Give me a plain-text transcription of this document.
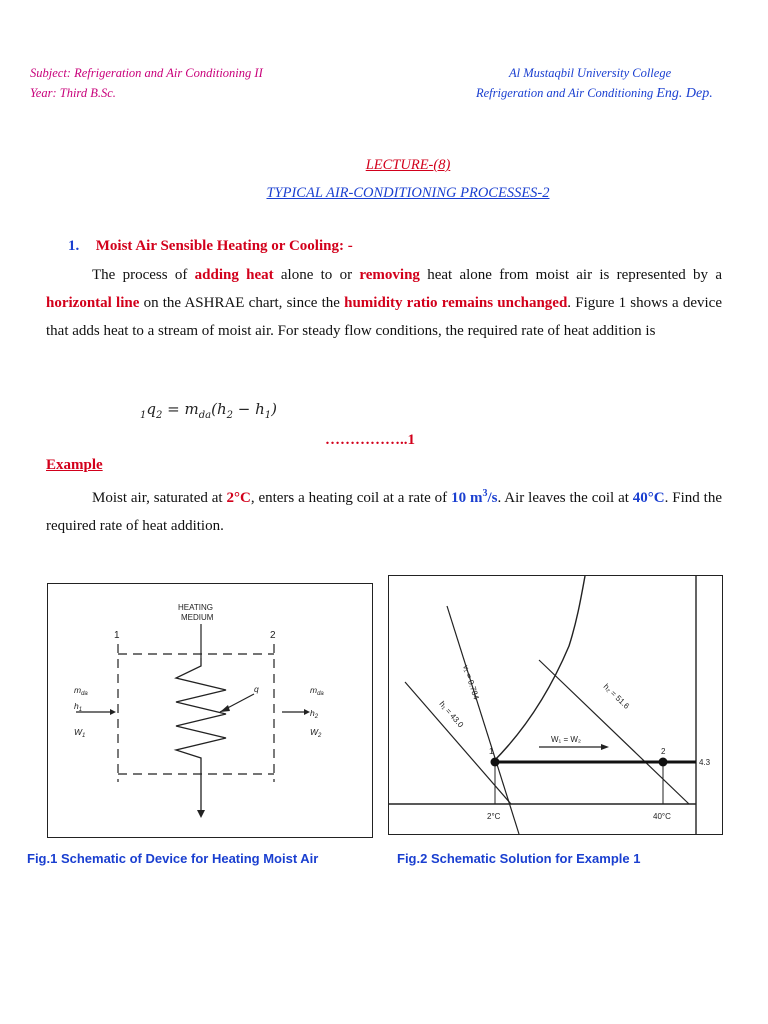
Subject: Refrigeration and Air Conditioning II
Year: Third B.Sc.
Al Mustaqbil University College
Refrigeration and Air Conditioning Eng. Dep.
LECTURE-(8)
TYPICAL AIR-CONDITIONING PROCESSES-2
1. Moist Air Sensible Heating or Cooling: -
The process of adding heat alone to or removing heat alone from moist air is represented by a horizontal line on the ASHRAE chart, since the humidity ratio remains unchanged. Figure 1 shows a device that adds heat to a stream of moist air. For steady flow conditions, the required rate of heat addition is
$_1q_2 = m_{da}(h_2 - h_1)$
……………..1
Example
Moist air, saturated at 2°C, enters a heating coil at a rate of 10 $m^3/s$. Air leaves the coil at 40°C. Find the required rate of heat addition.
HEATING
MEDIUM
1	2
q
$m_{da}$
$h_1$
$W_1$
$m_{da}$
$h_2$
$W_2$	W₁ = W₂
v₁ = 0.784
h₁ = 43.0
h₂ = 51.6
1	2
4.3
2°C	40°C
Fig.1 Schematic of Device for Heating Moist Air	Fig.2 Schematic Solution for Example 1
